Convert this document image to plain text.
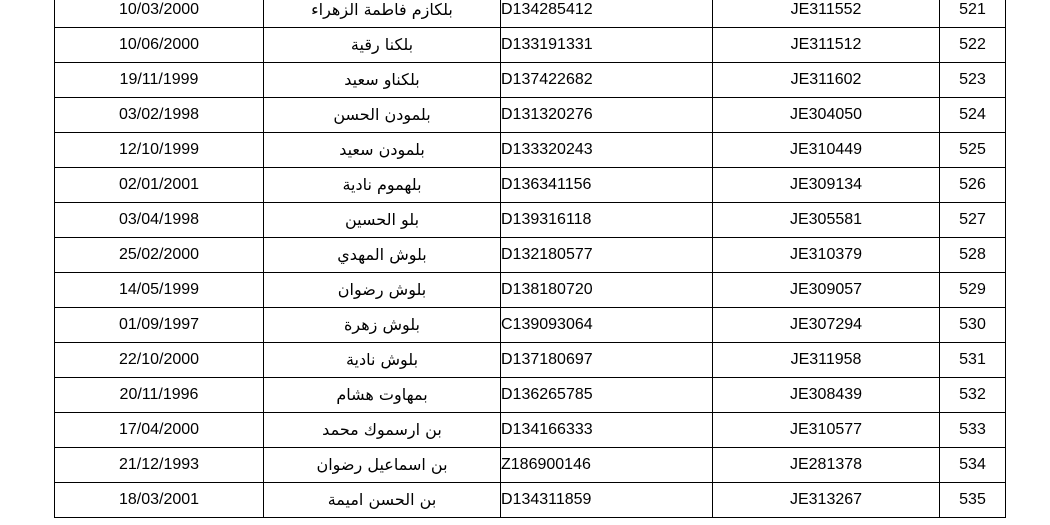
10/03/2000	بلكازم فاطمة الزهراء	D134285412	JE311552	521
10/06/2000	بلكنا رقية	D133191331	JE311512	522
19/11/1999	بلكناو سعيد	D137422682	JE311602	523
03/02/1998	بلمودن الحسن	D131320276	JE304050	524
12/10/1999	بلمودن سعيد	D133320243	JE310449	525
02/01/2001	بلهموم نادية	D136341156	JE309134	526
03/04/1998	بلو الحسين	D139316118	JE305581	527
25/02/2000	بلوش المهدي	D132180577	JE310379	528
14/05/1999	بلوش رضوان	D138180720	JE309057	529
01/09/1997	بلوش زهرة	C139093064	JE307294	530
22/10/2000	بلوش نادية	D137180697	JE311958	531
20/11/1996	بمهاوت هشام	D136265785	JE308439	532
17/04/2000	بن ارسموك محمد	D134166333	JE310577	533
21/12/1993	بن اسماعيل رضوان	Z186900146	JE281378	534
18/03/2001	بن الحسن اميمة	D134311859	JE313267	535
